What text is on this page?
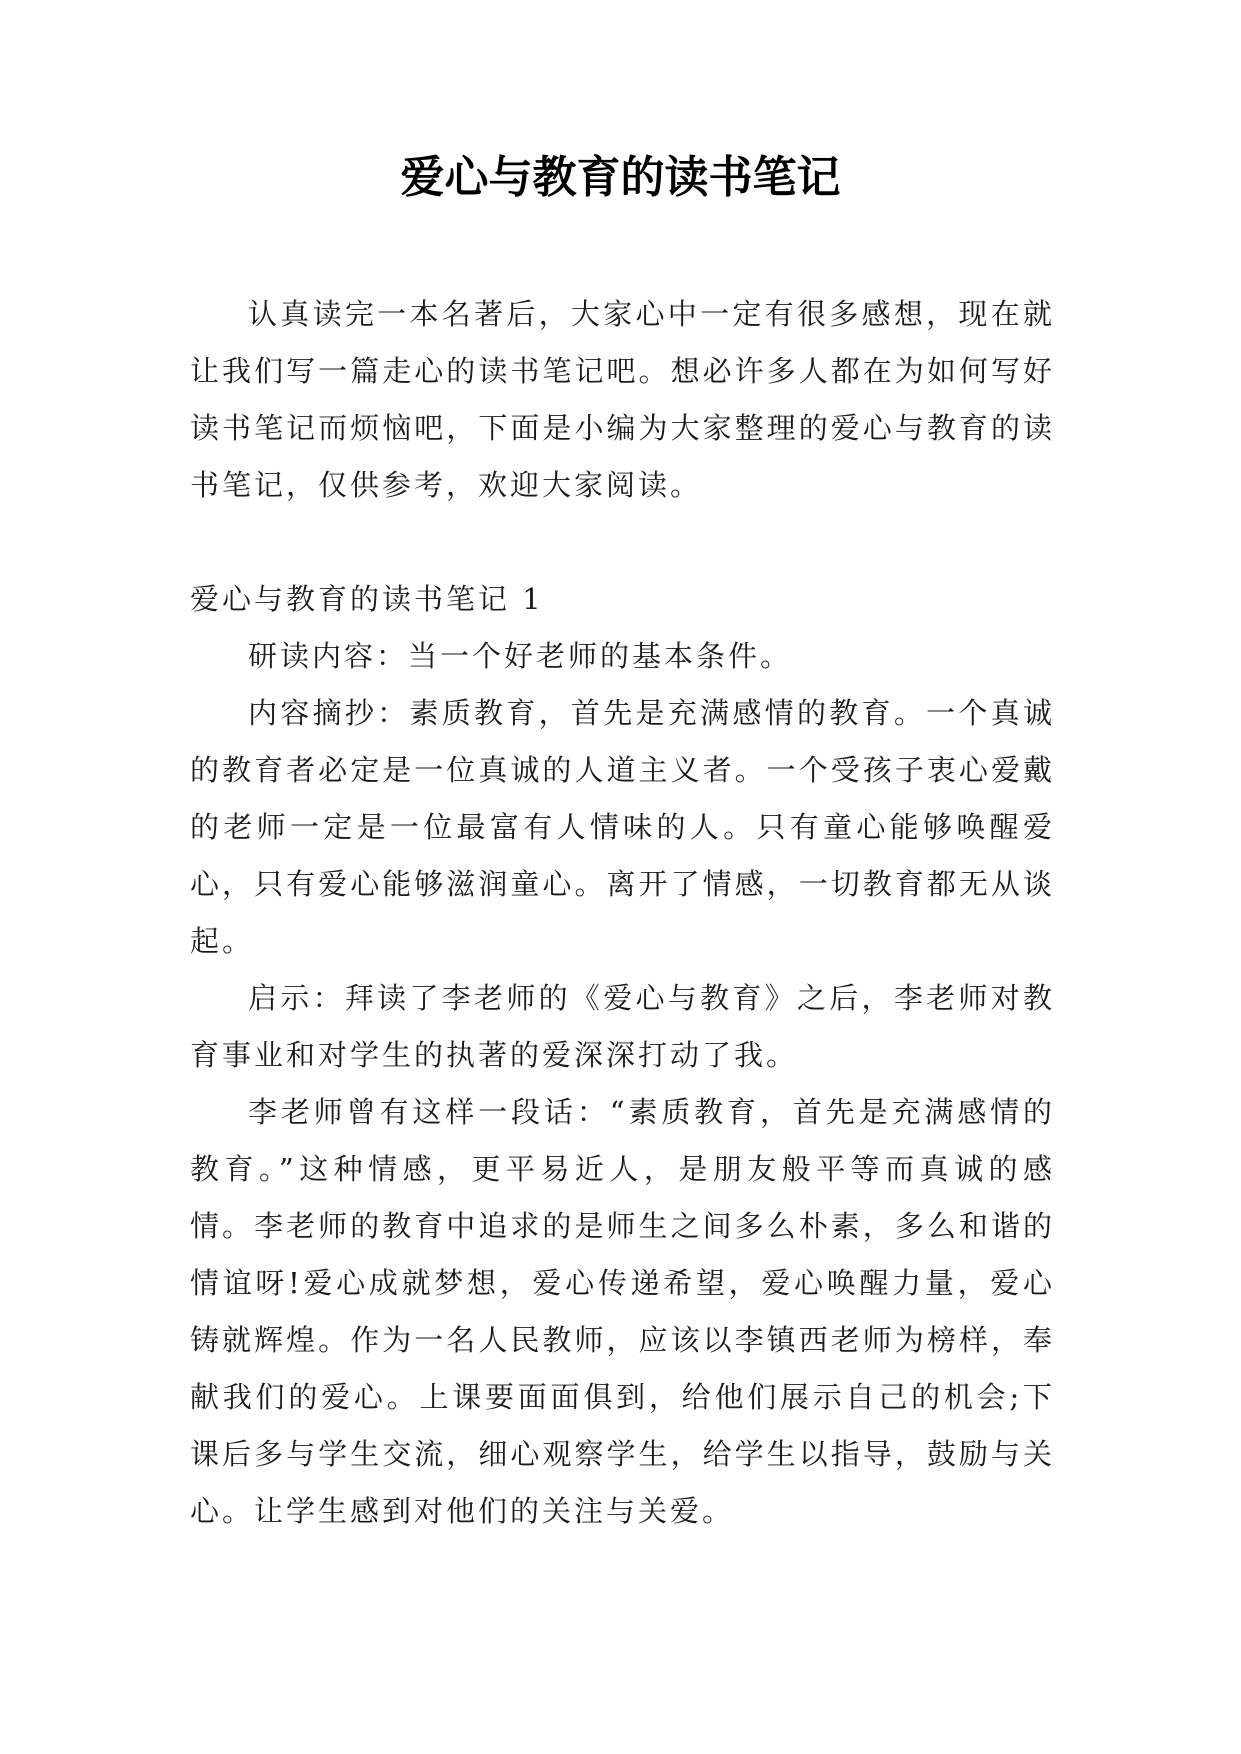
爱心与教育的读书笔记

认真读完一本名著后，大家心中一定有很多感想，现在就让我们写一篇走心的读书笔记吧。想必许多人都在为如何写好读书笔记而烦恼吧，下面是小编为大家整理的爱心与教育的读书笔记，仅供参考，欢迎大家阅读。

爱心与教育的读书笔记 1

研读内容：当一个好老师的基本条件。

内容摘抄：素质教育，首先是充满感情的教育。一个真诚的教育者必定是一位真诚的人道主义者。一个受孩子衷心爱戴的老师一定是一位最富有人情味的人。只有童心能够唤醒爱心，只有爱心能够滋润童心。离开了情感，一切教育都无从谈起。

启示：拜读了李老师的《爱心与教育》之后，李老师对教育事业和对学生的执著的爱深深打动了我。

李老师曾有这样一段话：“素质教育，首先是充满感情的教育。”这种情感，更平易近人，是朋友般平等而真诚的感情。李老师的教育中追求的是师生之间多么朴素，多么和谐的情谊呀!爱心成就梦想，爱心传递希望，爱心唤醒力量，爱心铸就辉煌。作为一名人民教师，应该以李镇西老师为榜样，奉献我们的爱心。上课要面面俱到，给他们展示自己的机会;下课后多与学生交流，细心观察学生，给学生以指导，鼓励与关心。让学生感到对他们的关注与关爱。
